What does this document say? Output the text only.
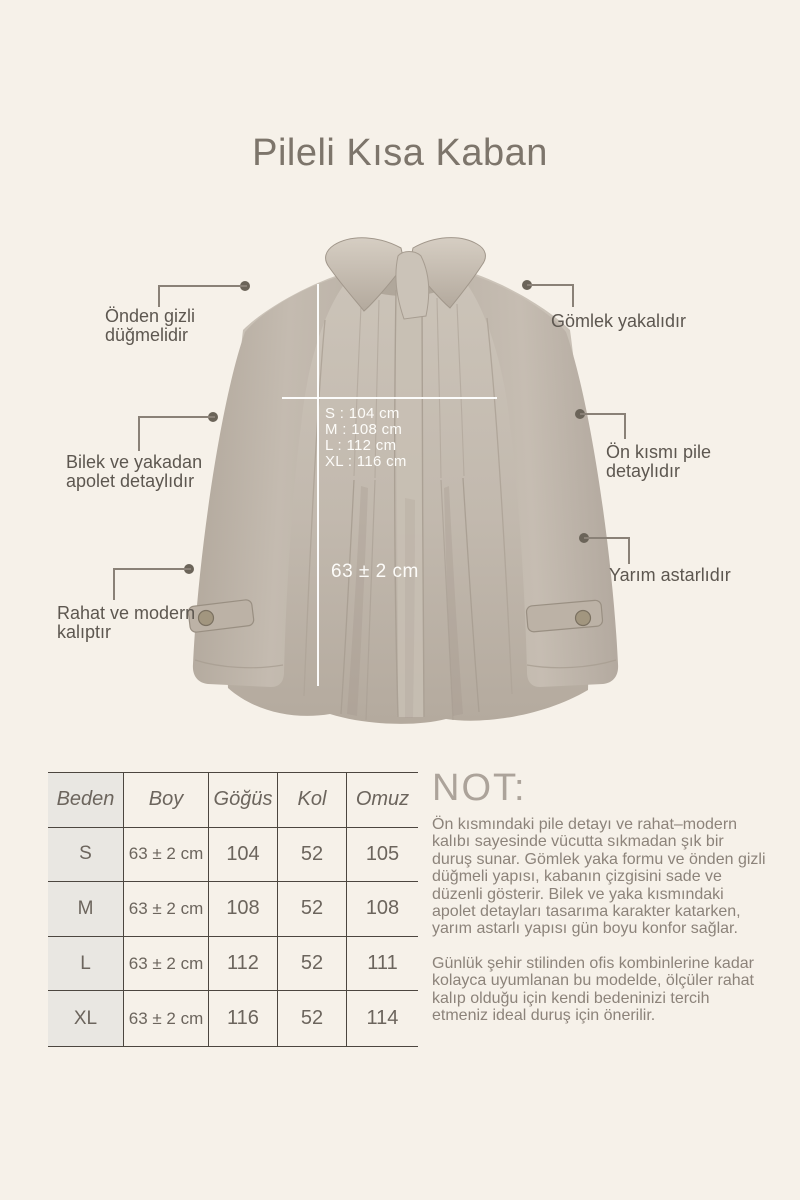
Pileli Kısa Kaban
S : 104 cm
M : 108 cm
L : 112 cm
XL : 116 cm
63 ± 2 cm
Önden gizli
düğmelidir
Gömlek yakalıdır
Bilek ve yakadan
apolet detaylıdır
Ön kısmı pile
detaylıdır
Rahat ve modern
kalıptır
Yarım astarlıdır
Beden	Boy	Göğüs	Kol	Omuz
S	63 ± 2 cm	104	52	105
M	63 ± 2 cm	108	52	108
L	63 ± 2 cm	112	52	111
XL	63 ± 2 cm	116	52	114
NOT:

Ön kısmındaki pile detayı ve rahat–modern kalıbı sayesinde vücutta sıkmadan şık bir duruş sunar. Gömlek yaka formu ve önden gizli düğmeli yapısı, kabanın çizgisini sade ve düzenli gösterir. Bilek ve yaka kısmındaki apolet detayları tasarıma karakter katarken, yarım astarlı yapısı gün boyu konfor sağlar.

Günlük şehir stilinden ofis kombinlerine kadar kolayca uyumlanan bu modelde, ölçüler rahat kalıp olduğu için kendi bedeninizi tercih etmeniz ideal duruş için önerilir.
